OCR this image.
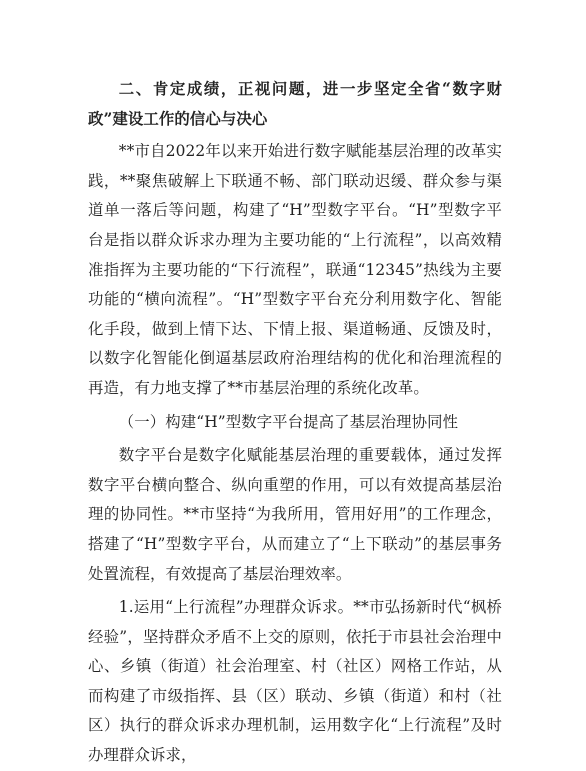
二、肯定成绩，正视问题，进一步坚定全省“数字财政”建设工作的信心与决心

**市自2022年以来开始进行数字赋能基层治理的改革实践，**聚焦破解上下联通不畅、部门联动迟缓、群众参与渠道单一落后等问题，构建了“H”型数字平台。“H”型数字平台是指以群众诉求办理为主要功能的“上行流程”，以高效精准指挥为主要功能的“下行流程”，联通“12345”热线为主要功能的“横向流程”。“H”型数字平台充分利用数字化、智能化手段，做到上情下达、下情上报、渠道畅通、反馈及时，以数字化智能化倒逼基层政府治理结构的优化和治理流程的再造，有力地支撑了**市基层治理的系统化改革。

（一）构建“H”型数字平台提高了基层治理协同性

数字平台是数字化赋能基层治理的重要载体，通过发挥数字平台横向整合、纵向重塑的作用，可以有效提高基层治理的协同性。**市坚持“为我所用，管用好用”的工作理念，搭建了“H”型数字平台，从而建立了“上下联动”的基层事务处置流程，有效提高了基层治理效率。

1.运用“上行流程”办理群众诉求。**市弘扬新时代“枫桥经验”，坚持群众矛盾不上交的原则，依托于市县社会治理中心、乡镇（街道）社会治理室、村（社区）网格工作站，从而构建了市级指挥、县（区）联动、乡镇（街道）和村（社区）执行的群众诉求办理机制，运用数字化“上行流程”及时办理群众诉求，
